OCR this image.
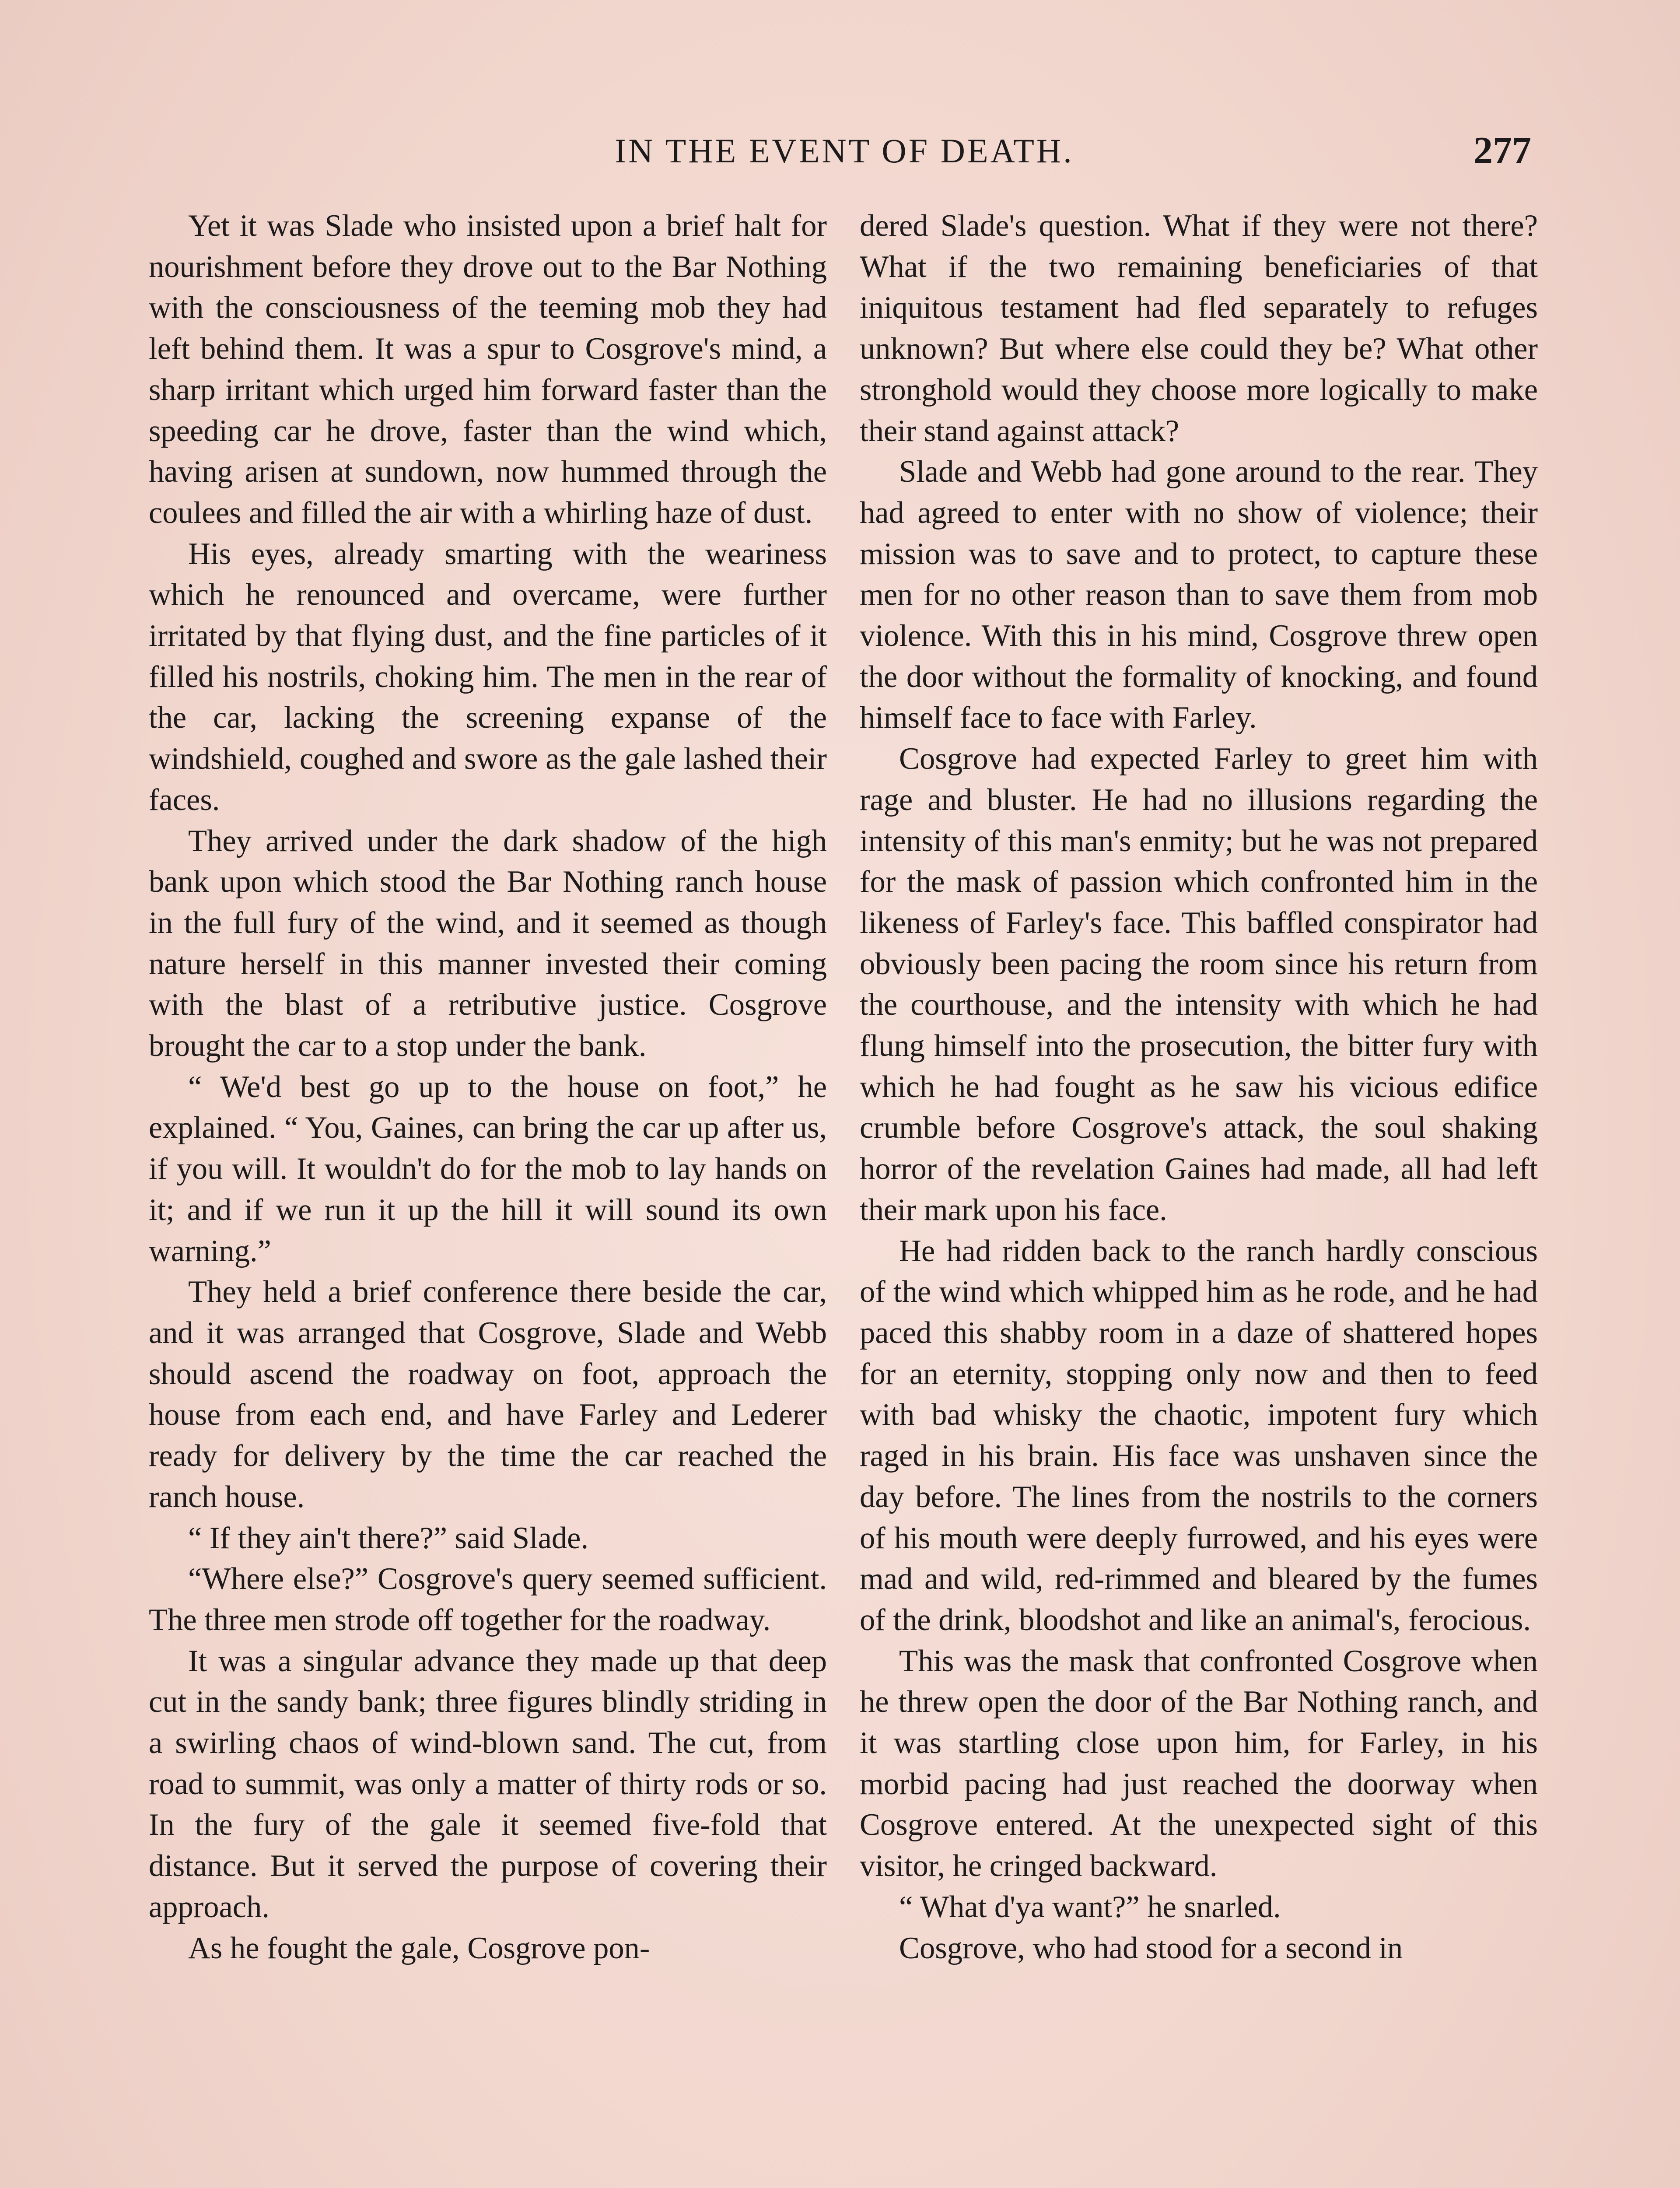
IN THE EVENT OF DEATH.	277

Yet it was Slade who insisted upon a brief halt for nourishment before they drove out to the Bar Nothing with the consciousness of the teeming mob they had left behind them. It was a spur to Cosgrove's mind, a sharp irritant which urged him forward faster than the speeding car he drove, faster than the wind which, having arisen at sundown, now hummed through the coulees and filled the air with a whirling haze of dust.

His eyes, already smarting with the weariness which he renounced and overcame, were further irritated by that flying dust, and the fine particles of it filled his nostrils, choking him. The men in the rear of the car, lacking the screening expanse of the windshield, coughed and swore as the gale lashed their faces.

They arrived under the dark shadow of the high bank upon which stood the Bar Nothing ranch house in the full fury of the wind, and it seemed as though nature herself in this manner invested their coming with the blast of a retributive justice. Cosgrove brought the car to a stop under the bank.

“ We'd best go up to the house on foot,” he explained. “ You, Gaines, can bring the car up after us, if you will. It wouldn't do for the mob to lay hands on it; and if we run it up the hill it will sound its own warning.”

They held a brief conference there beside the car, and it was arranged that Cosgrove, Slade and Webb should ascend the roadway on foot, approach the house from each end, and have Farley and Lederer ready for delivery by the time the car reached the ranch house.

“ If they ain't there?” said Slade.

“Where else?” Cosgrove's query seemed sufficient. The three men strode off together for the roadway.

It was a singular advance they made up that deep cut in the sandy bank; three figures blindly striding in a swirling chaos of wind-blown sand. The cut, from road to summit, was only a matter of thirty rods or so. In the fury of the gale it seemed five-fold that distance. But it served the purpose of covering their approach.

As he fought the gale, Cosgrove pon-

dered Slade's question. What if they were not there? What if the two remaining beneficiaries of that iniquitous testament had fled separately to refuges unknown? But where else could they be? What other stronghold would they choose more logically to make their stand against attack?

Slade and Webb had gone around to the rear. They had agreed to enter with no show of violence; their mission was to save and to protect, to capture these men for no other reason than to save them from mob violence. With this in his mind, Cosgrove threw open the door without the formality of knocking, and found himself face to face with Farley.

Cosgrove had expected Farley to greet him with rage and bluster. He had no illusions regarding the intensity of this man's enmity; but he was not prepared for the mask of passion which confronted him in the likeness of Farley's face. This baffled conspirator had obviously been pacing the room since his return from the courthouse, and the intensity with which he had flung himself into the prosecution, the bitter fury with which he had fought as he saw his vicious edifice crumble before Cosgrove's attack, the soul shaking horror of the revelation Gaines had made, all had left their mark upon his face.

He had ridden back to the ranch hardly conscious of the wind which whipped him as he rode, and he had paced this shabby room in a daze of shattered hopes for an eternity, stopping only now and then to feed with bad whisky the chaotic, impotent fury which raged in his brain. His face was unshaven since the day before. The lines from the nostrils to the corners of his mouth were deeply furrowed, and his eyes were mad and wild, red-rimmed and bleared by the fumes of the drink, bloodshot and like an animal's, ferocious.

This was the mask that confronted Cosgrove when he threw open the door of the Bar Nothing ranch, and it was startling close upon him, for Farley, in his morbid pacing had just reached the doorway when Cosgrove entered. At the unexpected sight of this visitor, he cringed backward.

“ What d'ya want?” he snarled.

Cosgrove, who had stood for a second in
